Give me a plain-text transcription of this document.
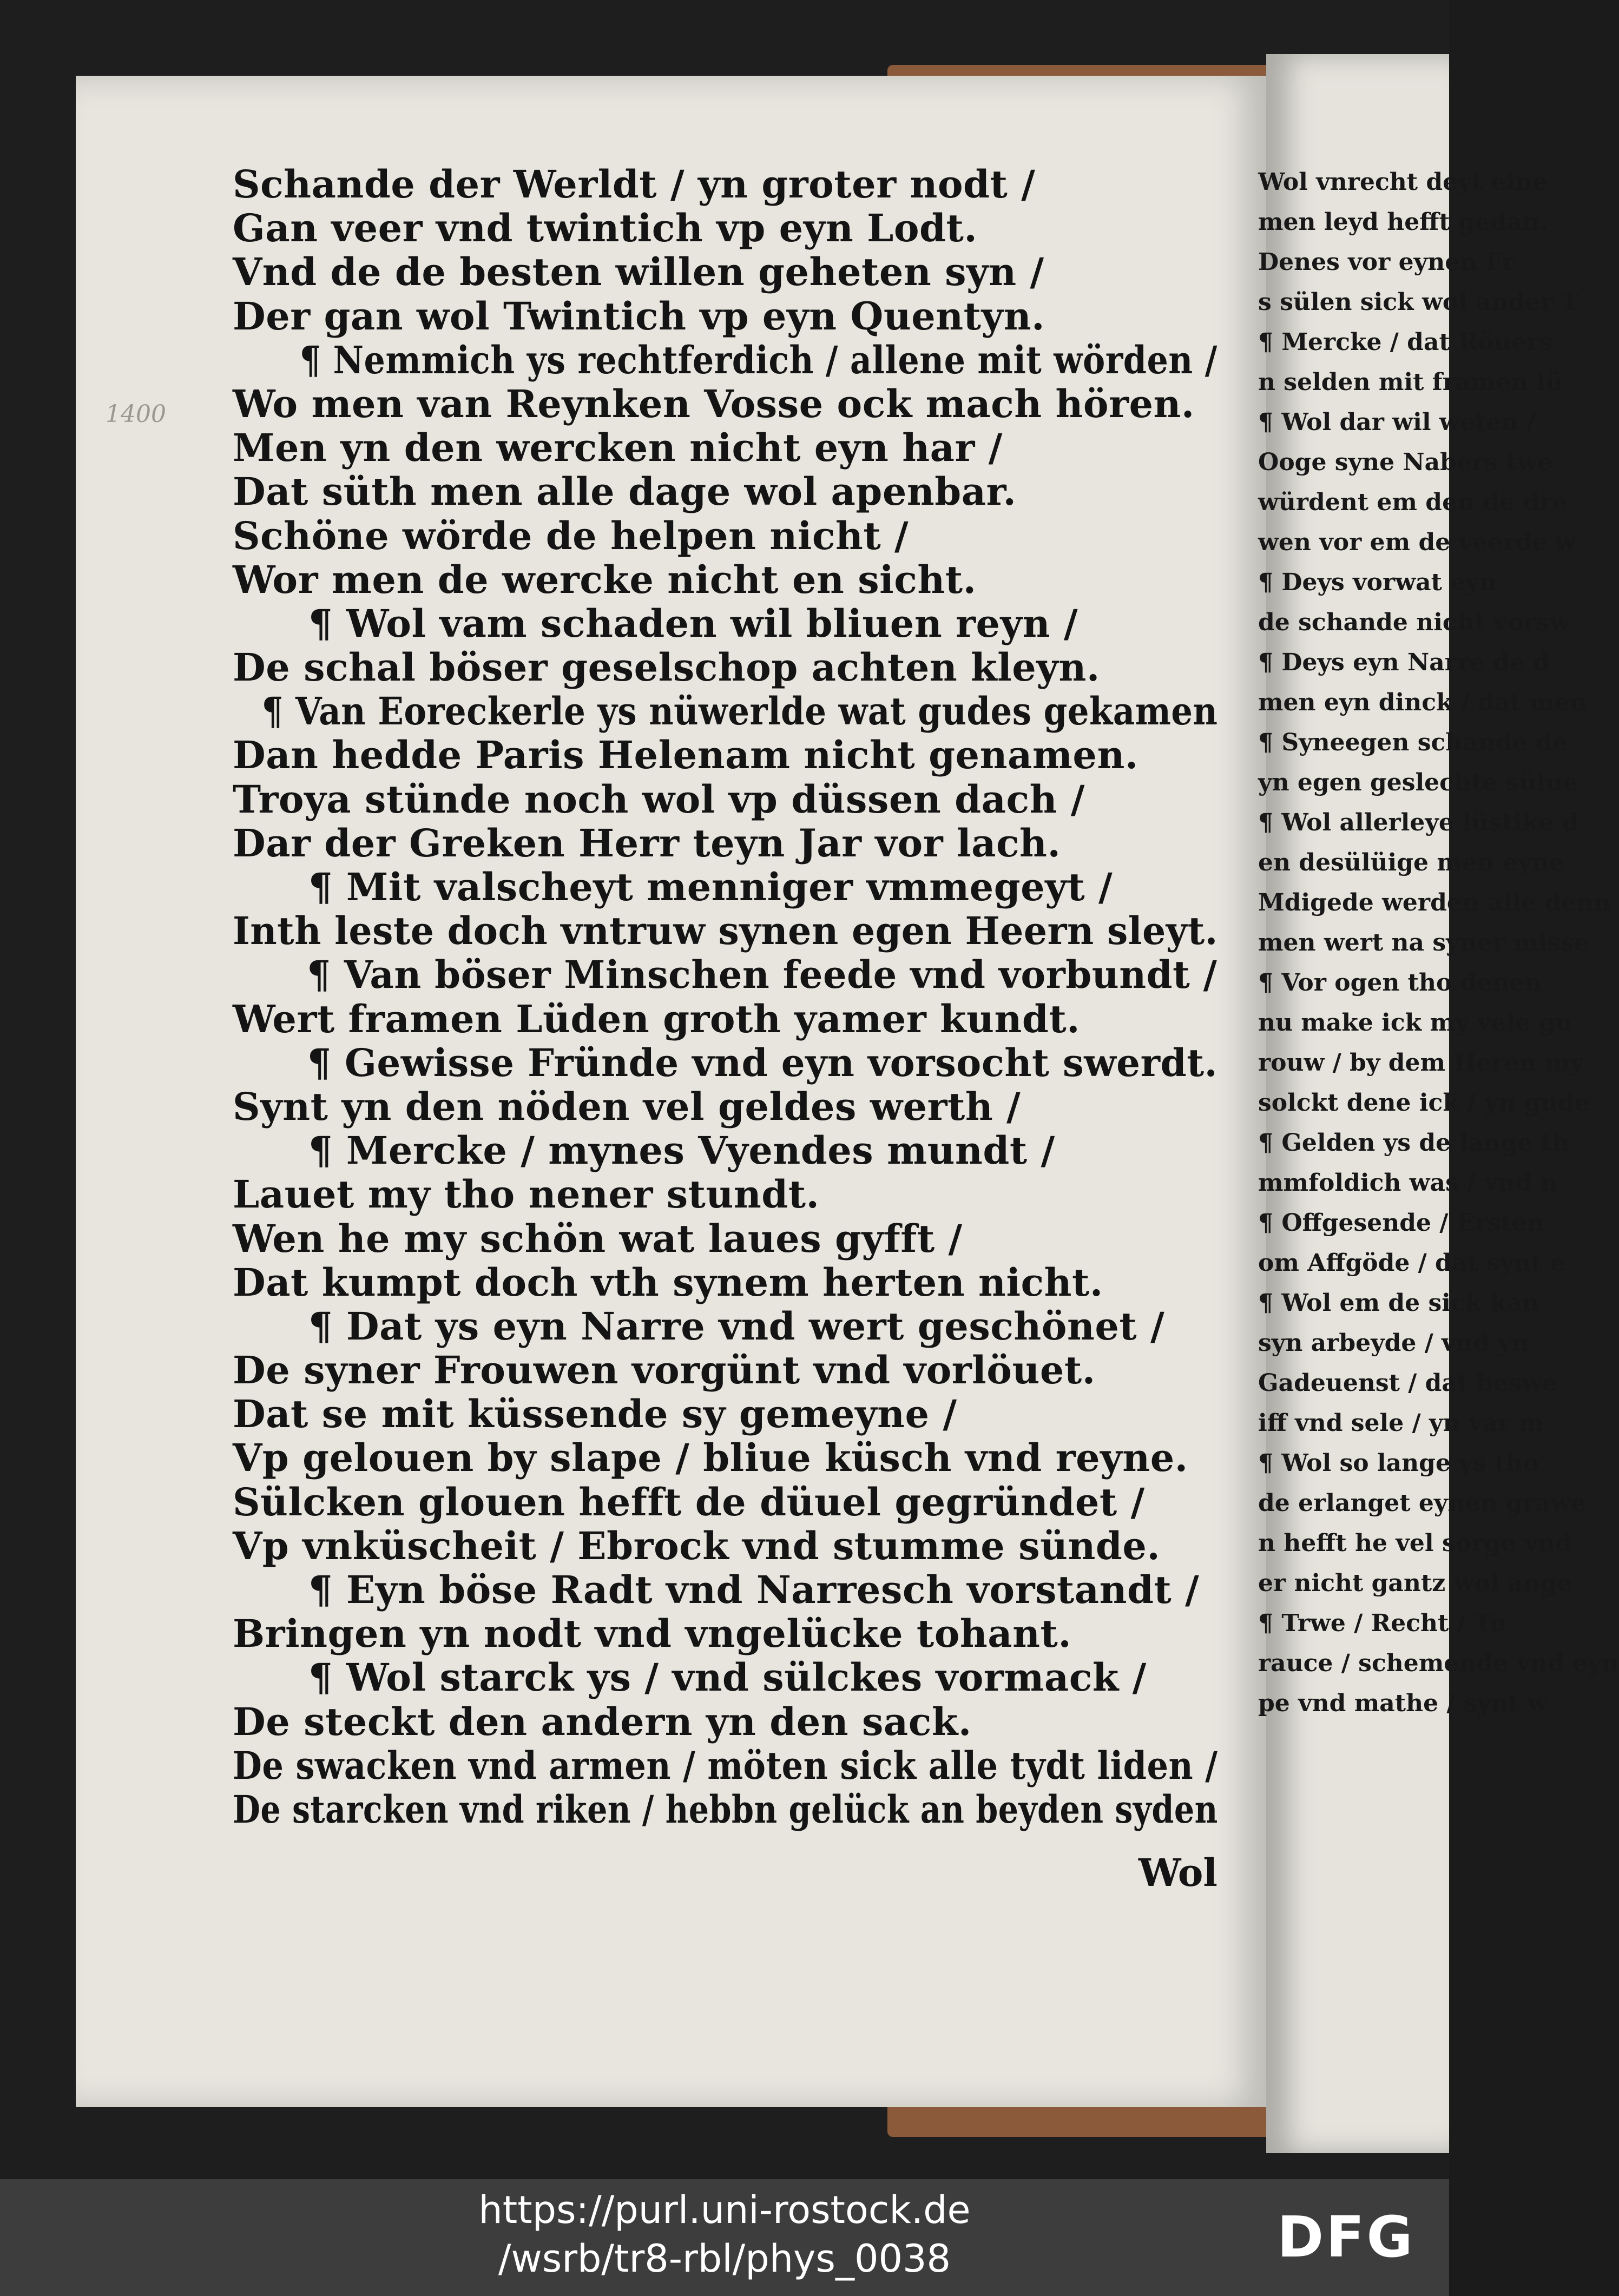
1400
Schande der Werldt / yn groter nodt /
Gan veer vnd twintich vp eyn Lodt.
Vnd de de besten willen geheten syn /
Der gan wol Twintich vp eyn Quentyn.
¶ Nemmich ys rechtferdich / allene mit wörden /
Wo men van Reynken Vosse ock mach hören.
Men yn den wercken nicht eyn har /
Dat süth men alle dage wol apenbar.
Schöne wörde de helpen nicht /
Wor men de wercke nicht en sicht.
¶ Wol vam schaden wil bliuen reyn /
De schal böser geselschop achten kleyn.
¶ Van Eoreckerle ys nüwerlde wat gudes gekamen
Dan hedde Paris Helenam nicht genamen.
Troya stünde noch wol vp düssen dach /
Dar der Greken Herr teyn Jar vor lach.
¶ Mit valscheyt menniger vmmegeyt /
Inth leste doch vntruw synen egen Heern sleyt.
¶ Van böser Minschen feede vnd vorbundt /
Wert framen Lüden groth yamer kundt.
¶ Gewisse Fründe vnd eyn vorsocht swerdt.
Synt yn den nöden vel geldes werth /
¶ Mercke / mynes Vyendes mundt /
Lauet my tho nener stundt.
Wen he my schön wat laues gyfft /
Dat kumpt doch vth synem herten nicht.
¶ Dat ys eyn Narre vnd wert geschönet /
De syner Frouwen vorgünt vnd vorlöuet.
Dat se mit küssende sy gemeyne /
Vp gelouen by slape / bliue küsch vnd reyne.
Sülcken glouen hefft de düuel gegründet /
Vp vnküscheit / Ebrock vnd stumme sünde.
¶ Eyn böse Radt vnd Narresch vorstandt /
Bringen yn nodt vnd vngelücke tohant.
¶ Wol starck ys / vnd sülckes vormack /
De steckt den andern yn den sack.
De swacken vnd armen / möten sick alle tydt liden /
De starcken vnd riken / hebbn gelück an beyden syden
Wol
Wol vnrecht deyt eine
men leyd hefft gedan.
Denes vor eynen Fr
s sülen sick wol ander T
¶ Mercke / dat Röuers
n selden mit framen lü
¶ Wol dar wil weten /
Ooge syne Nabers twe
würdent em den de dre
wen vor em de veerde w
¶ Deys vorwat eyn
de schande nicht vorsw
¶ Deys eyn Narre de d
men eyn dinck / dat men
¶ Syneegen schande de
yn egen geslechte sülue
¶ Wol allerleye lüstike d
en desülüige men eyne
Mdigede werden alle denn
men wert na syner misse
¶ Vor ogen tho denen
nu make ick my vele gu
rouw / by dem Heren my
solckt dene ick / yn gude
¶ Gelden ys de lange th
mmfoldich was / vnd n
¶ Offgesende / Ersten
om Affgöde / dat synt e
¶ Wol em de sick kan
syn arbeyde / vnd yn
Gadeuenst / dat beswe
iff vnd sele / yn var m
¶ Wol so lange ys tho
de erlanget eynen grawe
n hefft he vel sorge vnd
er nicht gantz wol ange
¶ Trwe / Recht / Tu
rauce / schemende vnd eyn
pe vnd mathe / synt w
https://purl.uni-rostock.de
/wsrb/tr8-rbl/phys_0038	DFG
